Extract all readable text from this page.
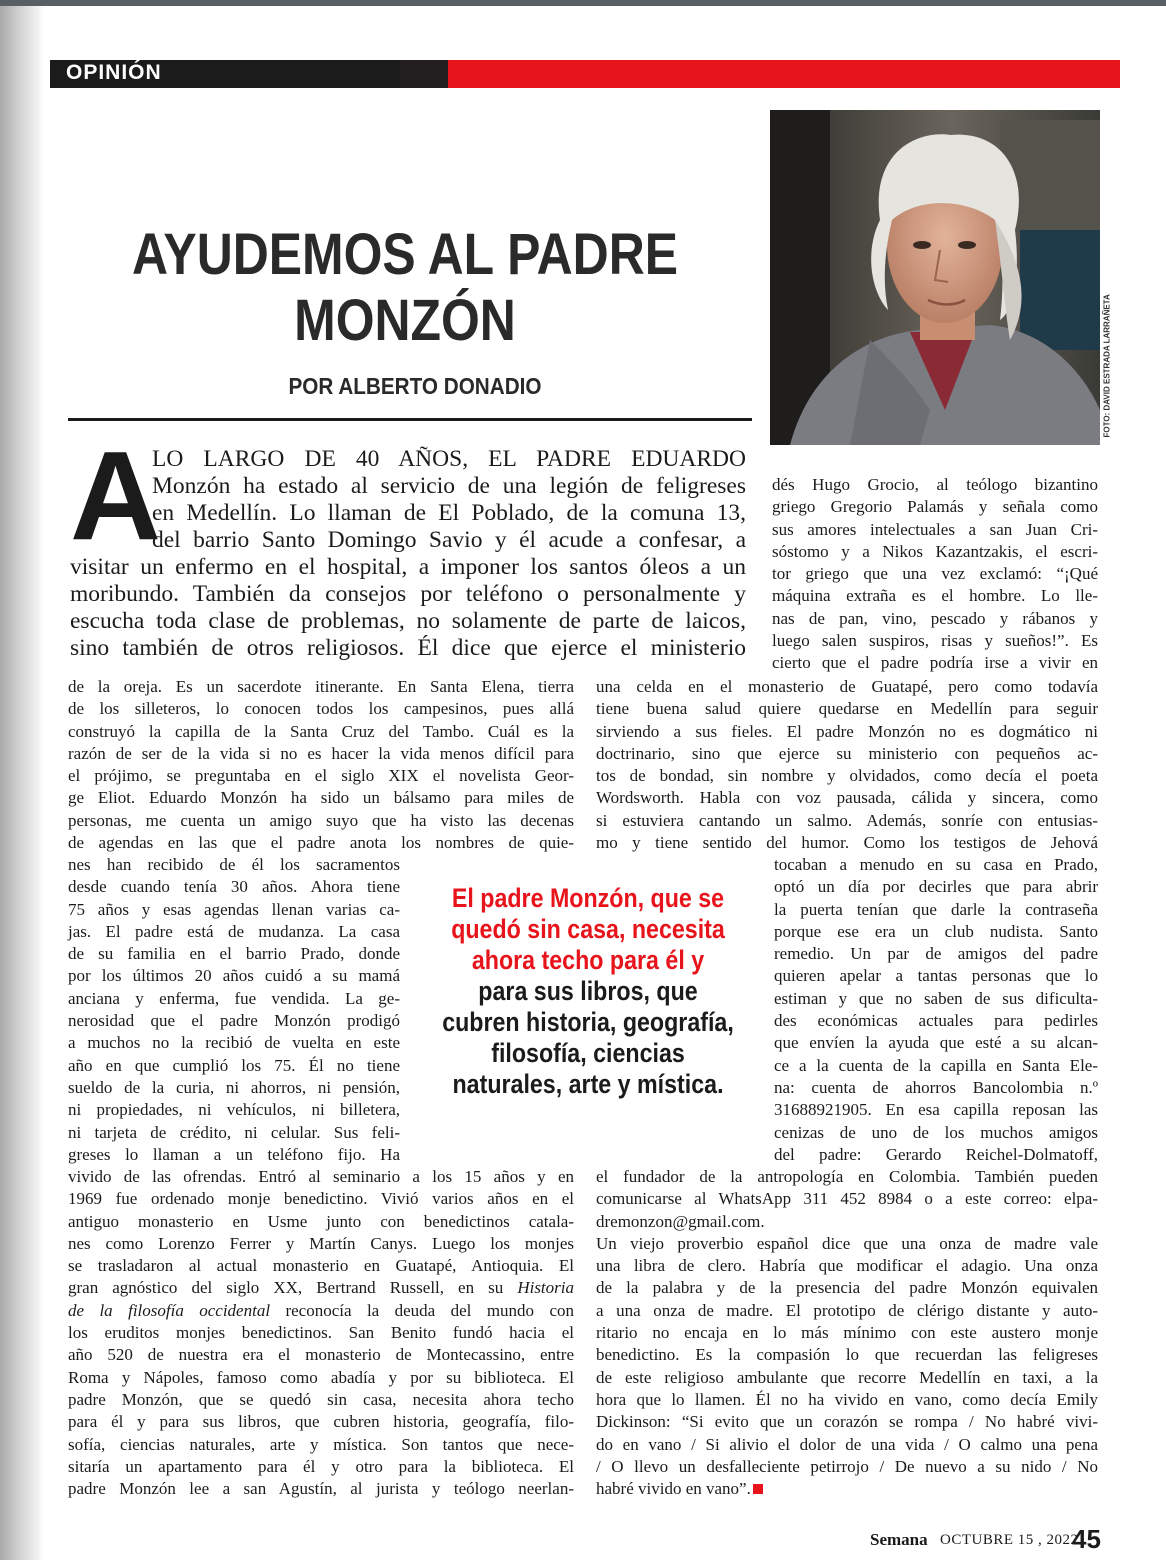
OPINIÓN
AYUDEMOS AL PADRE
MONZÓN
POR ALBERTO DONADIO	FOTO: DAVID ESTRADA LARRAÑETA
A
LO LARGO DE 40 AÑOS, EL PADRE EDUARDO
Monzón ha estado al servicio de una legión de feligreses
en Medellín. Lo llaman de El Poblado, de la comuna 13,
del barrio Santo Domingo Savio y él acude a confesar, a
visitar un enfermo en el hospital, a imponer los santos óleos a un
moribundo. También da consejos por teléfono o personalmente y
escucha toda clase de problemas, no solamente de parte de laicos,
sino también de otros religiosos. Él dice que ejerce el ministerio
de la oreja. Es un sacerdote itinerante. En Santa Elena, tierra
de los silleteros, lo conocen todos los campesinos, pues allá
construyó la capilla de la Santa Cruz del Tambo. Cuál es la
razón de ser de la vida si no es hacer la vida menos difícil para
el prójimo, se preguntaba en el siglo XIX el novelista Geor-
ge Eliot. Eduardo Monzón ha sido un bálsamo para miles de
personas, me cuenta un amigo suyo que ha visto las decenas
de agendas en las que el padre anota los nombres de quie-
nes han recibido de él los sacramentos
desde cuando tenía 30 años. Ahora tiene
75 años y esas agendas llenan varias ca-
jas. El padre está de mudanza. La casa
de su familia en el barrio Prado, donde
por los últimos 20 años cuidó a su mamá
anciana y enferma, fue vendida. La ge-
nerosidad que el padre Monzón prodigó
a muchos no la recibió de vuelta en este
año en que cumplió los 75. Él no tiene
sueldo de la curia, ni ahorros, ni pensión,
ni propiedades, ni vehículos, ni billetera,
ni tarjeta de crédito, ni celular. Sus feli-
greses lo llaman a un teléfono fijo. Ha
vivido de las ofrendas. Entró al seminario a los 15 años y en
1969 fue ordenado monje benedictino. Vivió varios años en el
antiguo monasterio en Usme junto con benedictinos catala-
nes como Lorenzo Ferrer y Martín Canys. Luego los monjes
se trasladaron al actual monasterio en Guatapé, Antioquia. El
gran agnóstico del siglo XX, Bertrand Russell, en su Historia
de la filosofía occidental reconocía la deuda del mundo con
los eruditos monjes benedictinos. San Benito fundó hacia el
año 520 de nuestra era el monasterio de Montecassino, entre
Roma y Nápoles, famoso como abadía y por su biblioteca. El
padre Monzón, que se quedó sin casa, necesita ahora techo
para él y para sus libros, que cubren historia, geografía, filo-
sofía, ciencias naturales, arte y mística. Son tantos que nece-
sitaría un apartamento para él y otro para la biblioteca. El
padre Monzón lee a san Agustín, al jurista y teólogo neerlan-
dés Hugo Grocio, al teólogo bizantino
griego Gregorio Palamás y señala como
sus amores intelectuales a san Juan Cri-
sóstomo y a Nikos Kazantzakis, el escri-
tor griego que una vez exclamó: “¡Qué
máquina extraña es el hombre. Lo lle-
nas de pan, vino, pescado y rábanos y
luego salen suspiros, risas y sueños!”. Es
cierto que el padre podría irse a vivir en
una celda en el monasterio de Guatapé, pero como todavía
tiene buena salud quiere quedarse en Medellín para seguir
sirviendo a sus fieles. El padre Monzón no es dogmático ni
doctrinario, sino que ejerce su ministerio con pequeños ac-
tos de bondad, sin nombre y olvidados, como decía el poeta
Wordsworth. Habla con voz pausada, cálida y sincera, como
si estuviera cantando un salmo. Además, sonríe con entusias-
mo y tiene sentido del humor. Como los testigos de Jehová
tocaban a menudo en su casa en Prado,
optó un día por decirles que para abrir
la puerta tenían que darle la contraseña
porque ese era un club nudista. Santo
remedio. Un par de amigos del padre
quieren apelar a tantas personas que lo
estiman y que no saben de sus dificulta-
des económicas actuales para pedirles
que envíen la ayuda que esté a su alcan-
ce a la cuenta de la capilla en Santa Ele-
na: cuenta de ahorros Bancolombia n.º
31688921905. En esa capilla reposan las
cenizas de uno de los muchos amigos
del padre: Gerardo Reichel-Dolmatoff,
el fundador de la antropología en Colombia. También pueden
comunicarse al WhatsApp 311 452 8984 o a este correo: elpa-
dremonzon@gmail.com.
Un viejo proverbio español dice que una onza de madre vale
una libra de clero. Habría que modificar el adagio. Una onza
de la palabra y de la presencia del padre Monzón equivalen
a una onza de madre. El prototipo de clérigo distante y auto-
ritario no encaja en lo más mínimo con este austero monje
benedictino. Es la compasión lo que recuerdan las feligreses
de este religioso ambulante que recorre Medellín en taxi, a la
hora que lo llamen. Él no ha vivido en vano, como decía Emily
Dickinson: “Si evito que un corazón se rompa / No habré vivi-
do en vano / Si alivio el dolor de una vida / O calmo una pena
/ O llevo un desfalleciente petirrojo / De nuevo a su nido / No
habré vivido en vano”.
El padre Monzón, que se
quedó sin casa, necesita
ahora techo para él y
para sus libros, que
cubren historia, geografía,
filosofía, ciencias
naturales, arte y mística.
Semana OCTUBRE 15 , 2022
45
